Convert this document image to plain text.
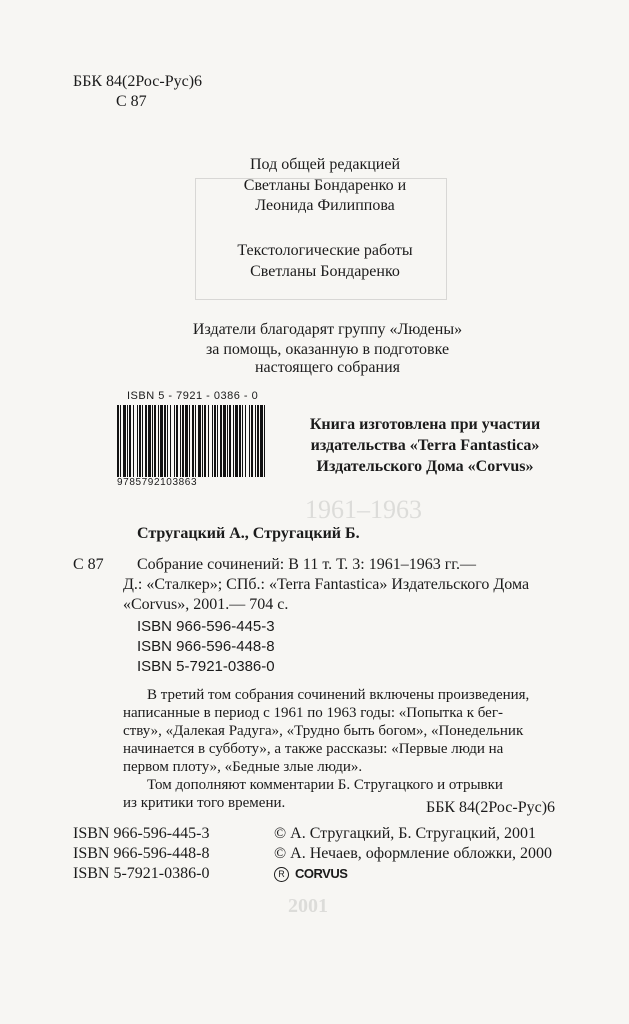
1961–1963
2001
ББК 84(2Рос-Рус)6
С 87
Под общей редакцией
Светланы Бондаренко и
Леонида Филиппова
Текстологические работы
Светланы Бондаренко
Издатели благодарят группу «Людены»
за помощь, оказанную в подготовке
настоящего собрания
ISBN 5 - 7921 - 0386 - 0
9785792103863
Книга изготовлена при участии
издательства «Terra Fantastica»
Издательского Дома «Corvus»
Стругацкий А., Стругацкий Б.
С 87 Собрание сочинений: В 11 т. Т. 3: 1961–1963 гг.—
Д.: «Сталкер»; СПб.: «Terra Fantastica» Издательского Дома
«Corvus», 2001.— 704 с.
ISBN 966-596-445-3
ISBN 966-596-448-8
ISBN 5-7921-0386-0
В третий том собрания сочинений включены произведения,
написанные в период с 1961 по 1963 годы: «Попытка к бег-
ству», «Далекая Радуга», «Трудно быть богом», «Понедельник
начинается в субботу», а также рассказы: «Первые люди на
первом плоту», «Бедные злые люди».
Том дополняют комментарии Б. Стругацкого и отрывки
из критики того времени.	ББК 84(2Рос-Рус)6
ISBN 966-596-445-3
ISBN 966-596-448-8
ISBN 5-7921-0386-0
© А. Стругацкий, Б. Стругацкий, 2001
© А. Нечаев, оформление обложки, 2000
R CORVUS
